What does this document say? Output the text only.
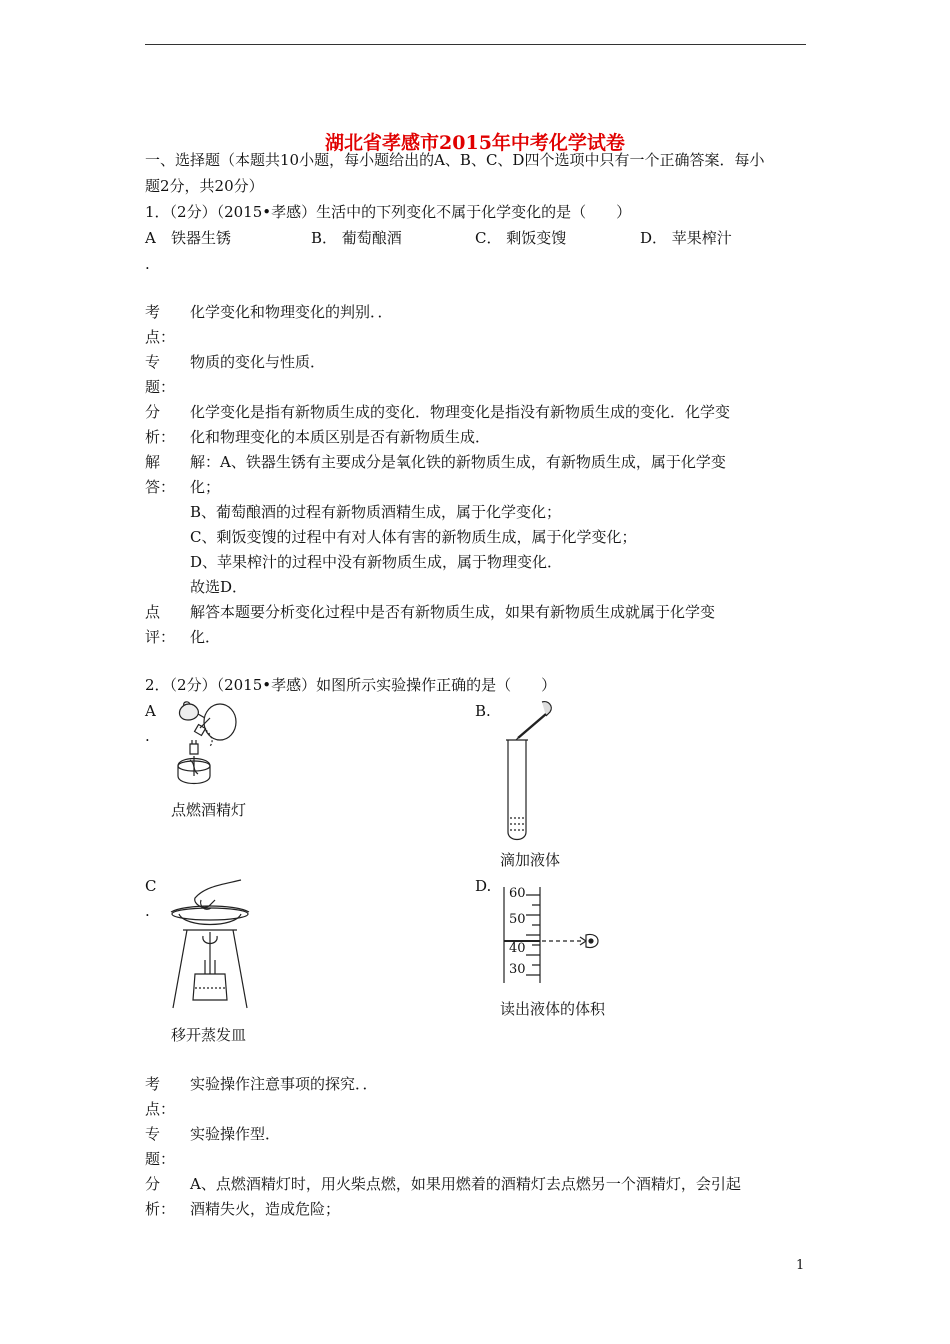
湖北省孝感市2015年中考化学试卷
一、选择题（本题共10小题，每小题给出的A、B、C、D四个选项中只有一个正确答案．每小
题2分，共20分）
1．（2分）（2015•孝感）生活中的下列变化不属于化学变化的是（　　）
A
.
铁器生锈	B． 葡萄酿酒	C． 剩饭变馊	D． 苹果榨汁
考
点：
化学变化和物理变化的判别．．
专
题：
物质的变化与性质．
分
析：
化学变化是指有新物质生成的变化．物理变化是指没有新物质生成的变化．化学变
化和物理变化的本质区别是否有新物质生成．
解
答：
解：A、铁器生锈有主要成分是氧化铁的新物质生成，有新物质生成，属于化学变
化；
B、葡萄酿酒的过程有新物质酒精生成，属于化学变化；
C、剩饭变馊的过程中有对人体有害的新物质生成，属于化学变化；
D、苹果榨汁的过程中没有新物质生成，属于物理变化．
故选D．
点
评：
解答本题要分析变化过程中是否有新物质生成，如果有新物质生成就属于化学变
化．
2．（2分）（2015•孝感）如图所示实验操作正确的是（　　）
A
.
点燃酒精灯
B.
滴加液体
C
.
移开蒸发皿
D. 60
50
40
30
读出液体的体积
考
点：
实验操作注意事项的探究．．
专
题：
实验操作型．
分
析：
A、点燃酒精灯时，用火柴点燃，如果用燃着的酒精灯去点燃另一个酒精灯，会引起
酒精失火，造成危险；
1
